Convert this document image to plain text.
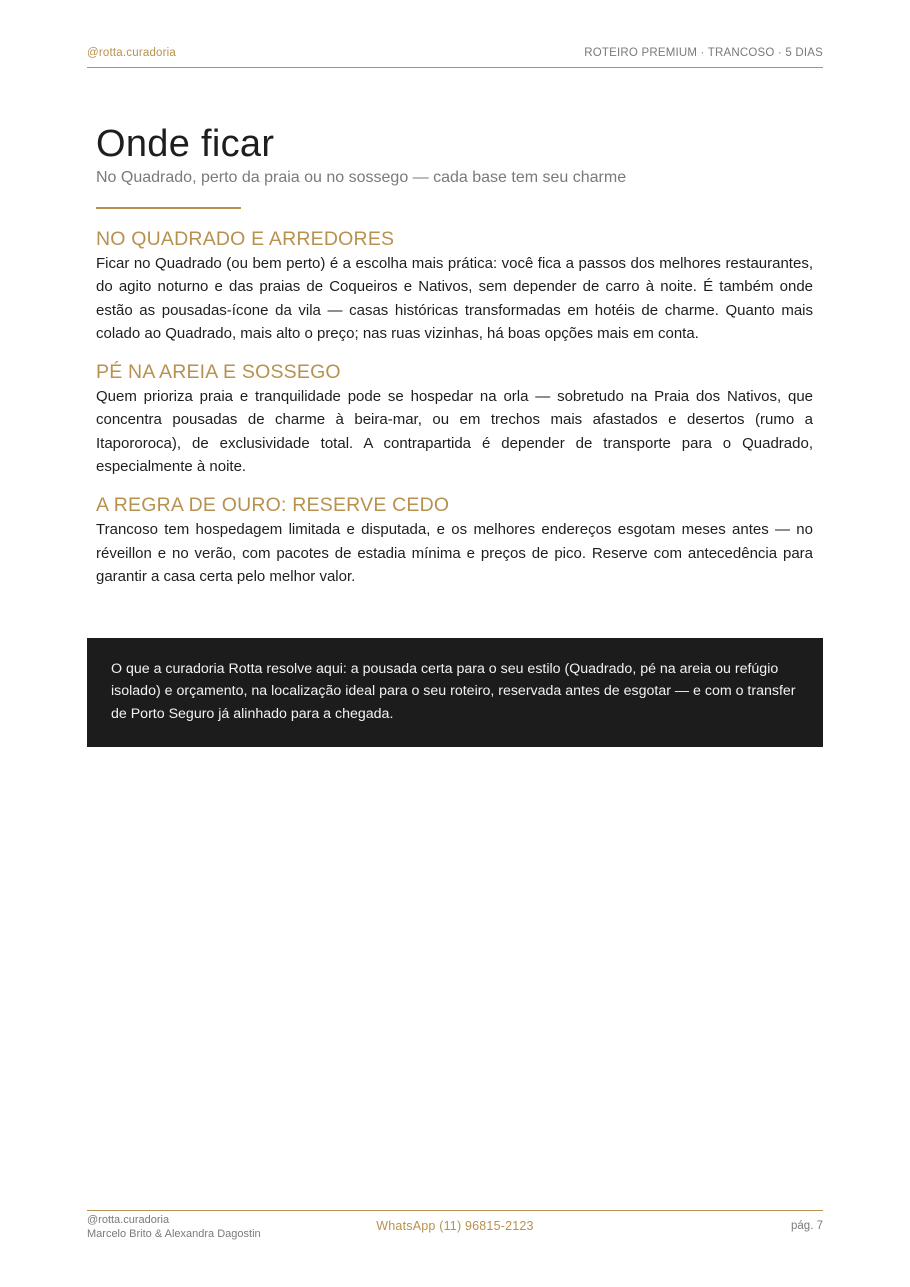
@rotta.curadoria	ROTEIRO PREMIUM · TRANCOSO · 5 DIAS
Onde ficar

No Quadrado, perto da praia ou no sossego — cada base tem seu charme

NO QUADRADO E ARREDORES

Ficar no Quadrado (ou bem perto) é a escolha mais prática: você fica a passos dos melhores restaurantes, do agito noturno e das praias de Coqueiros e Nativos, sem depender de carro à noite. É também onde estão as pousadas-ícone da vila — casas históricas transformadas em hotéis de charme. Quanto mais colado ao Quadrado, mais alto o preço; nas ruas vizinhas, há boas opções mais em conta.

PÉ NA AREIA E SOSSEGO

Quem prioriza praia e tranquilidade pode se hospedar na orla — sobretudo na Praia dos Nativos, que concentra pousadas de charme à beira-mar, ou em trechos mais afastados e desertos (rumo a Itapororoca), de exclusividade total. A contrapartida é depender de transporte para o Quadrado, especialmente à noite.

A REGRA DE OURO: RESERVE CEDO

Trancoso tem hospedagem limitada e disputada, e os melhores endereços esgotam meses antes — no réveillon e no verão, com pacotes de estadia mínima e preços de pico. Reserve com antecedência para garantir a casa certa pelo melhor valor.

O que a curadoria Rotta resolve aqui: a pousada certa para o seu estilo (Quadrado, pé na areia ou refúgio isolado) e orçamento, na localização ideal para o seu roteiro, reservada antes de esgotar — e com o transfer de Porto Seguro já alinhado para a chegada.

@rotta.curadoria
Marcelo Brito & Alexandra Dagostin
WhatsApp (11) 96815-2123	pág. 7
